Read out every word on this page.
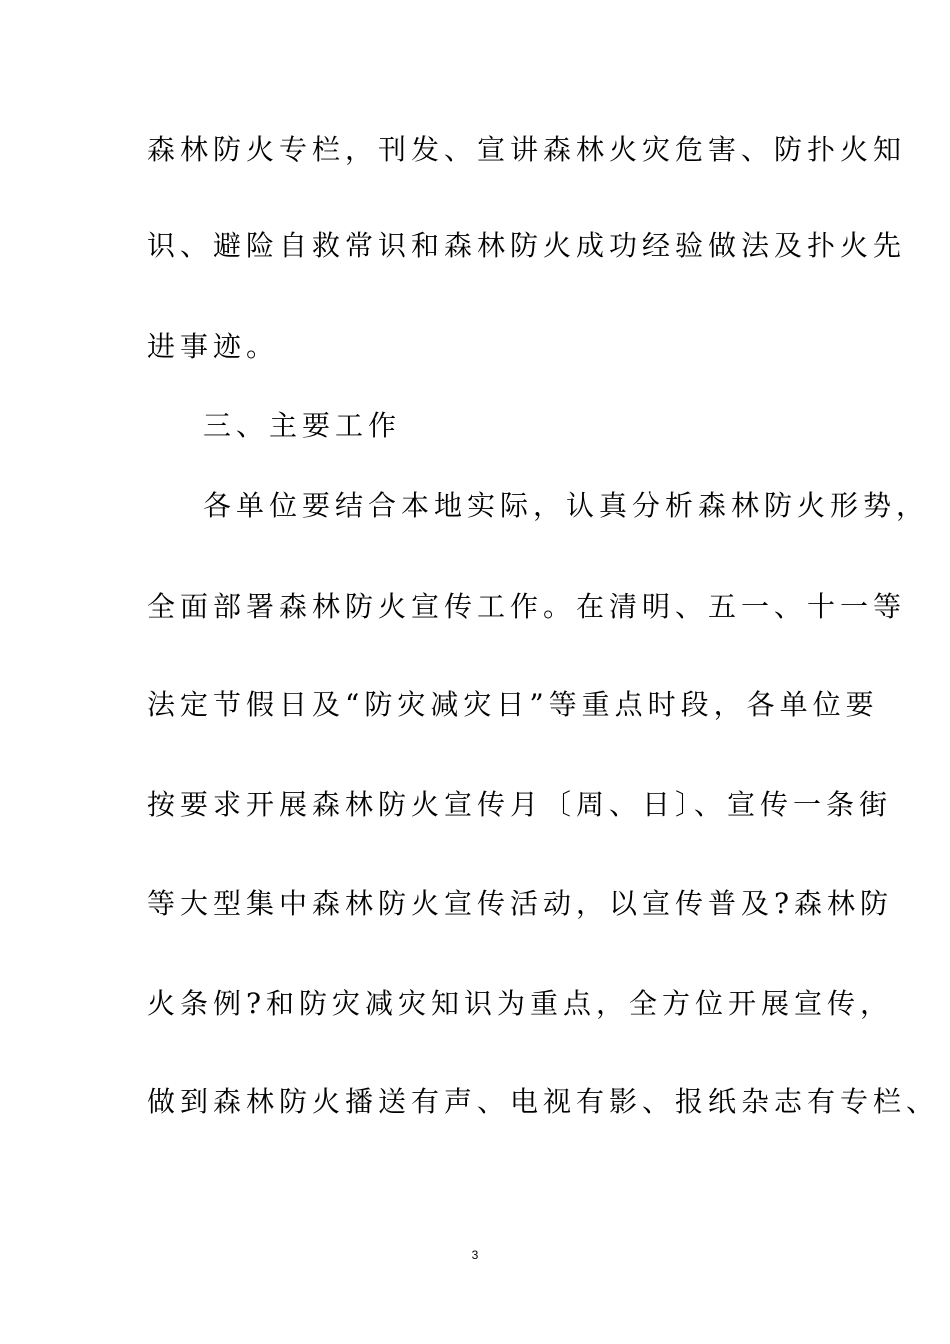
森林防火专栏，刊发、宣讲森林火灾危害、防扑火知
识、避险自救常识和森林防火成功经验做法及扑火先
进事迹。
三、主要工作
各单位要结合本地实际，认真分析森林防火形势，
全面部署森林防火宣传工作。在清明、五一、十一等
法定节假日及“防灾减灾日”等重点时段，各单位要
按要求开展森林防火宣传月〔周、日〕、宣传一条街
等大型集中森林防火宣传活动，以宣传普及?森林防
火条例?和防灾减灾知识为重点，全方位开展宣传，
做到森林防火播送有声、电视有影、报纸杂志有专栏、
3
